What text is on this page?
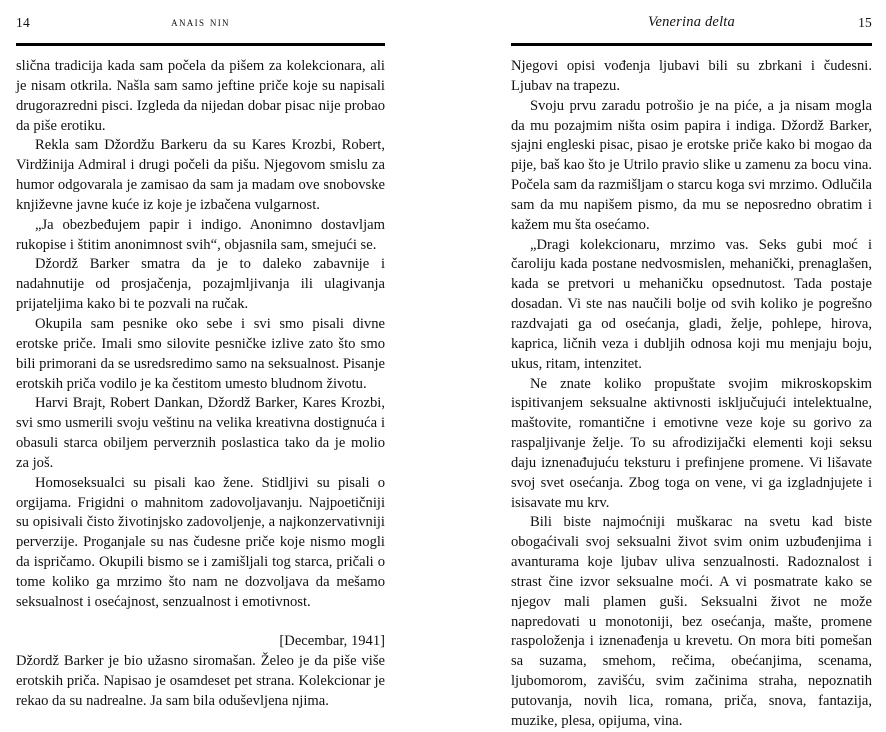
14	anais nin

slična tradicija kada sam počela da pišem za kolekcionara, ali je nisam otkrila. Našla sam samo jeftine priče koje su napisali drugorazredni pisci. Izgleda da nijedan dobar pisac nije probao da piše erotiku.

Rekla sam Džordžu Barkeru da su Kares Krozbi, Robert, Virdžinija Admiral i drugi počeli da pišu. Njegovom smislu za humor odgovarala je zamisao da sam ja madam ove snobovske književne javne kuće iz koje je izbačena vulgarnost.

„Ja obezbeđujem papir i indigo. Anonimno dostavljam rukopise i štitim anonimnost svih“, objasnila sam, smejući se.

Džordž Barker smatra da je to daleko zabavnije i nadahnutije od prosjačenja, pozajmljivanja ili ulagivanja prijateljima kako bi te pozvali na ručak.

Okupila sam pesnike oko sebe i svi smo pisali divne erotske priče. Imali smo silovite pesničke izlive zato što smo bili primorani da se usredsredimo samo na seksualnost. Pisanje erotskih priča vodilo je ka čestitom umesto bludnom životu.

Harvi Brajt, Robert Dankan, Džordž Barker, Kares Krozbi, svi smo usmerili svoju veštinu na velika kreativna dostignuća i obasuli starca obiljem perverznih poslastica tako da je molio za još.

Homoseksualci su pisali kao žene. Stidljivi su pisali o orgijama. Frigidni o mahnitom zadovoljavanju. Najpoetičniji su opisivali čisto životinjsko zadovoljenje, a najkonzervativniji perverzije. Proganjale su nas čudesne priče koje nismo mogli da ispričamo. Okupili bismo se i zamišljali tog starca, pričali o tome koliko ga mrzimo što nam ne dozvoljava da mešamo seksualnost i osećajnost, senzualnost i emotivnost.

[Decembar, 1941]

Džordž Barker je bio užasno siromašan. Želeo je da piše više erotskih priča. Napisao je osamdeset pet strana. Kolekcionar je rekao da su nadrealne. Ja sam bila oduševljena njima.

Venerina delta	15

Njegovi opisi vođenja ljubavi bili su zbrkani i čudesni. Ljubav na trapezu.

Svoju prvu zaradu potrošio je na piće, a ja nisam mogla da mu pozajmim ništa osim papira i indiga. Džordž Barker, sjajni engleski pisac, pisao je erotske priče kako bi mogao da pije, baš kao što je Utrilo pravio slike u zamenu za bocu vina. Počela sam da razmišljam o starcu koga svi mrzimo. Odlučila sam da mu napišem pismo, da mu se neposredno obratim i kažem mu šta osećamo.

„Dragi kolekcionaru, mrzimo vas. Seks gubi moć i čaroliju kada postane nedvosmislen, mehanički, prenaglašen, kada se pretvori u mehaničku opsednutost. Tada postaje dosadan. Vi ste nas naučili bolje od svih koliko je pogrešno razdvajati ga od osećanja, gladi, želje, pohlepe, hirova, kaprica, ličnih veza i dubljih odnosa koji mu menjaju boju, ukus, ritam, intenzitet.

Ne znate koliko propuštate svojim mikroskopskim ispitivanjem seksualne aktivnosti isključujući intelektualne, maštovite, romantične i emotivne veze koje su gorivo za raspaljivanje želje. To su afrodizijački elementi koji seksu daju iznenađujuću teksturu i prefinjene promene. Vi lišavate svoj svet osećanja. Zbog toga on vene, vi ga izgladnjujete i isisavate mu krv.

Bili biste najmoćniji muškarac na svetu kad biste obogaćivali svoj seksualni život svim onim uzbuđenjima i avanturama koje ljubav uliva senzualnosti. Radoznalost i strast čine izvor seksualne moći. A vi posmatrate kako se njegov mali plamen guši. Seksualni život ne može napredovati u monotoniji, bez osećanja, mašte, promene raspoloženja i iznenađenja u krevetu. On mora biti pomešan sa suzama, smehom, rečima, obećanjima, scenama, ljubomorom, zavišću, svim začinima straha, nepoznatih putovanja, novih lica, romana, priča, snova, fantazija, muzike, plesa, opijuma, vina.
